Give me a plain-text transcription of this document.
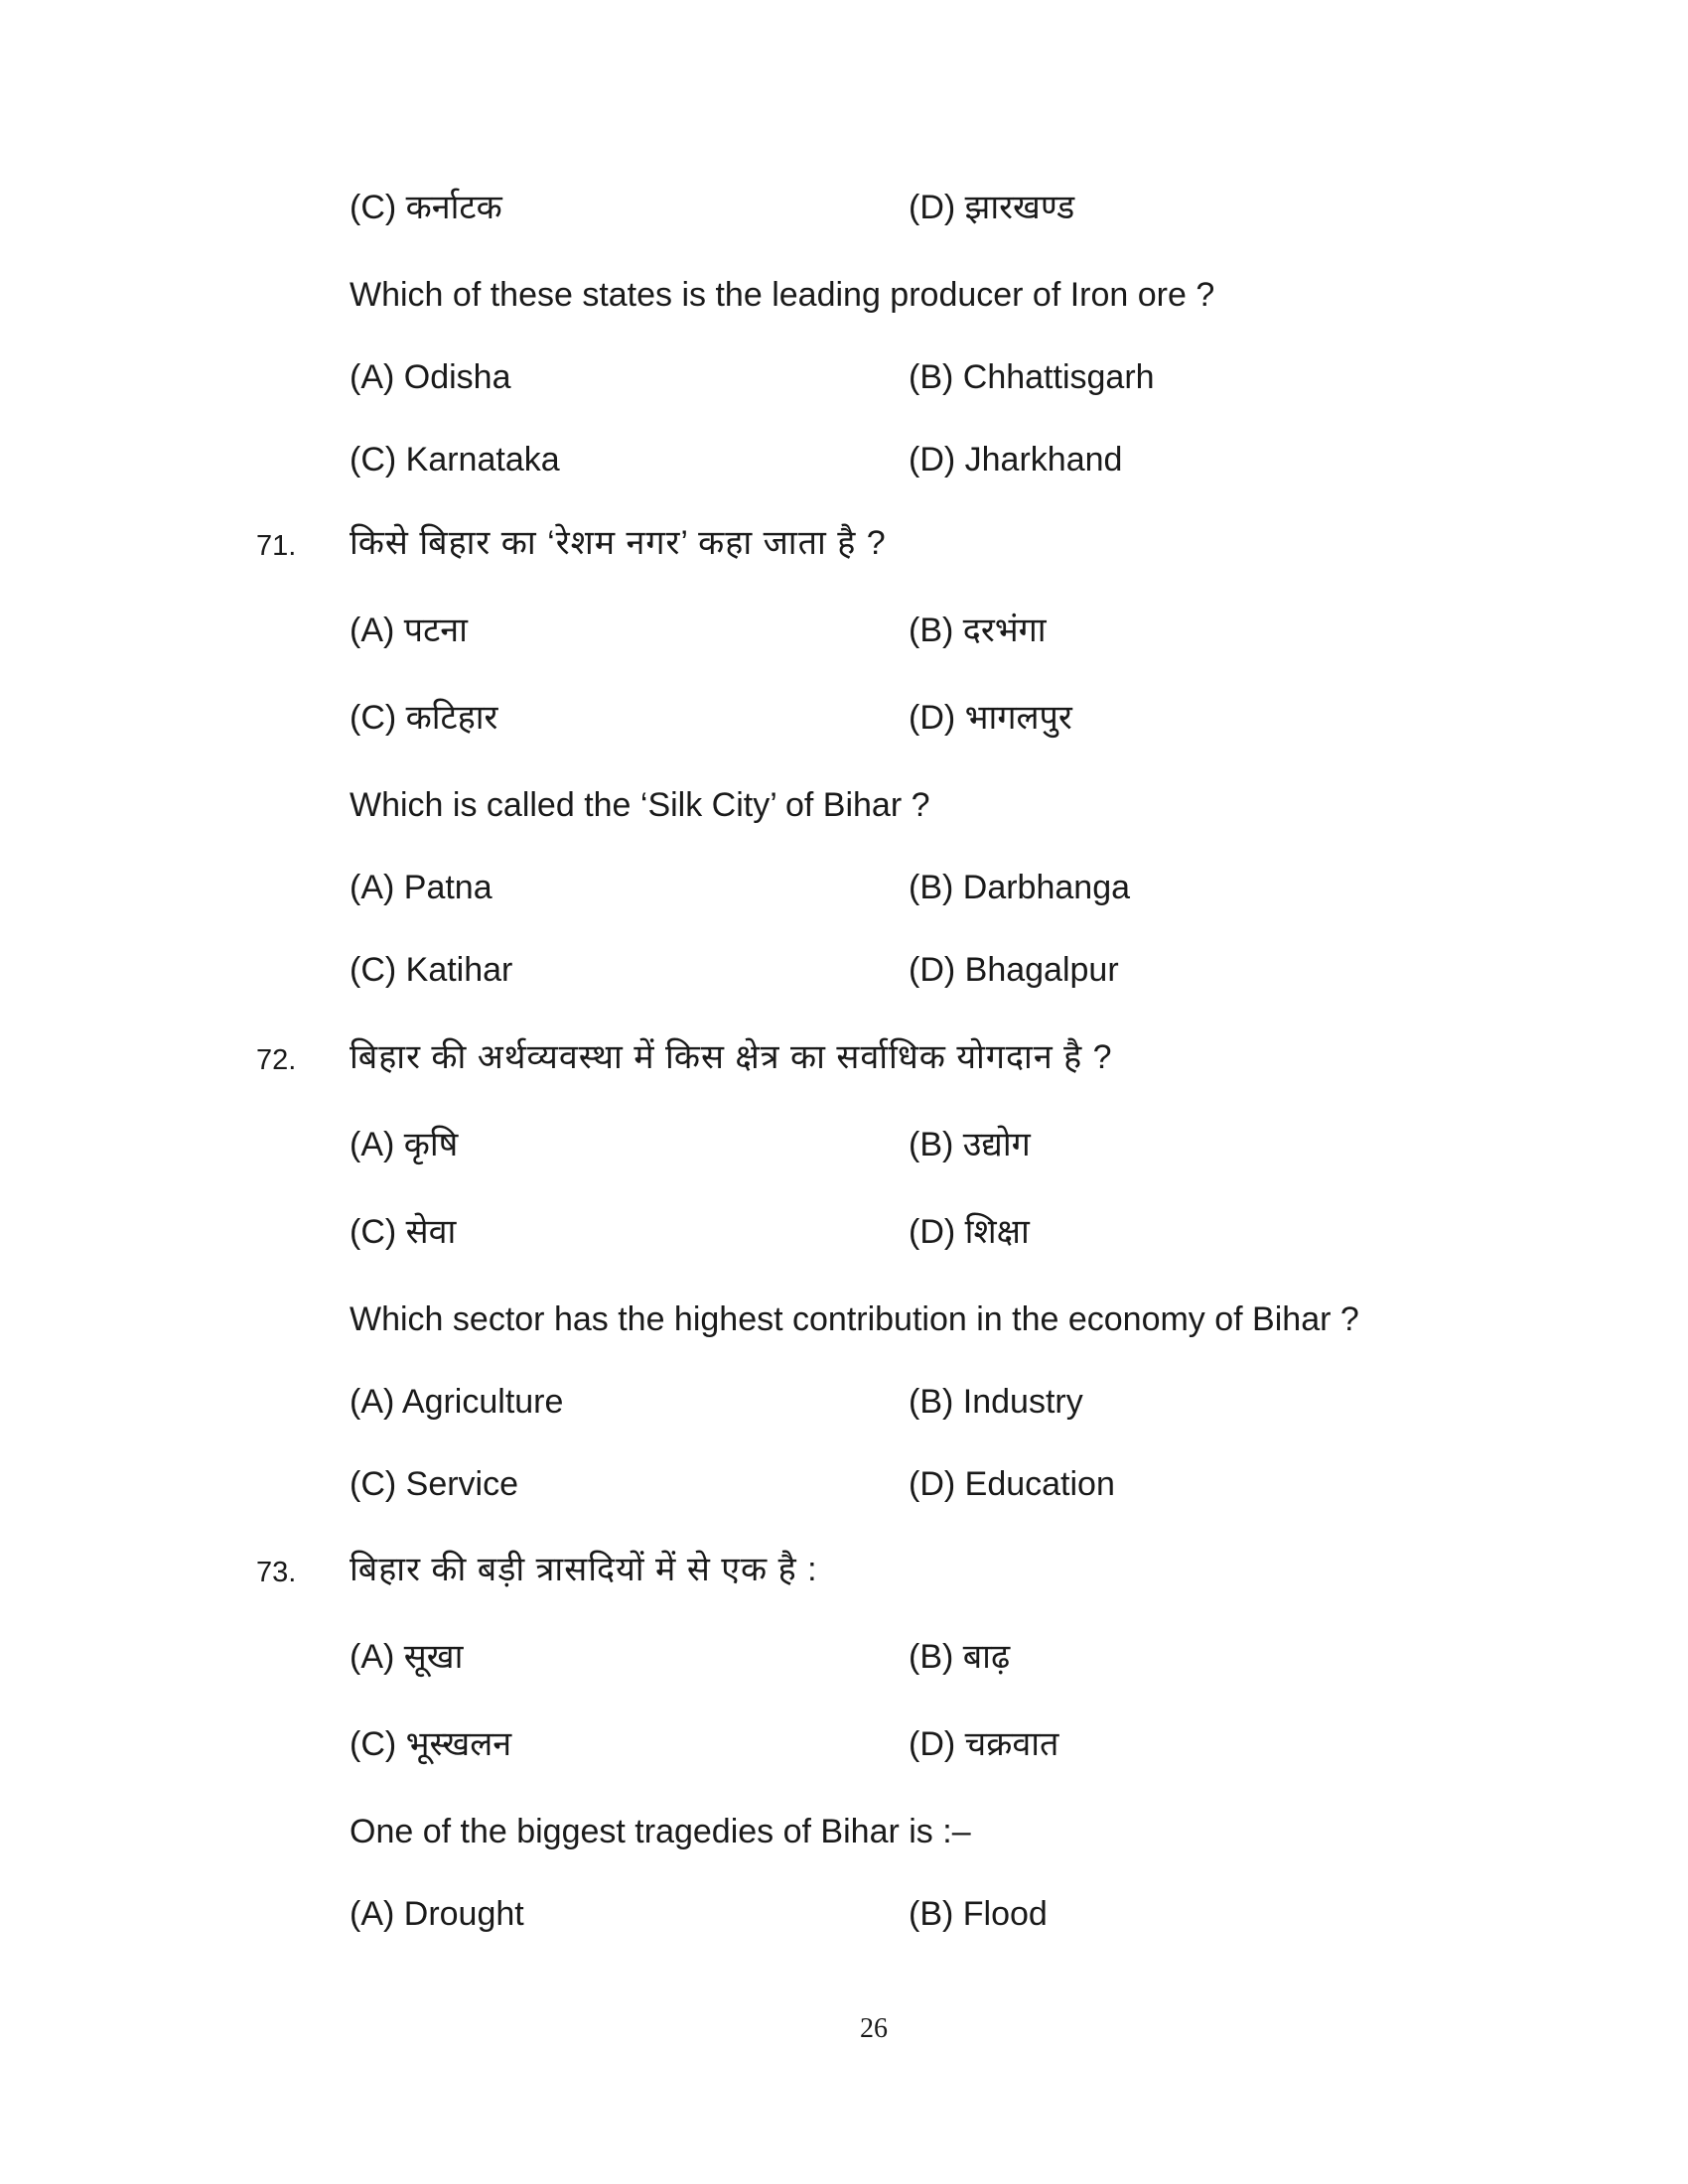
(C) कर्नाटक	(D) झारखण्ड
Which of these states is the leading producer of Iron ore ?
(A) Odisha	(B) Chhattisgarh
(C) Karnataka	(D) Jharkhand
71. किसे बिहार का ‘रेशम नगर’ कहा जाता है ?
(A) पटना	(B) दरभंगा
(C) कटिहार	(D) भागलपुर
Which is called the ‘Silk City’ of Bihar ?
(A) Patna	(B) Darbhanga
(C) Katihar	(D) Bhagalpur
72. बिहार की अर्थव्यवस्था में किस क्षेत्र का सर्वाधिक योगदान है ?
(A) कृषि	(B) उद्योग
(C) सेवा	(D) शिक्षा
Which sector has the highest contribution in the economy of Bihar ?
(A) Agriculture	(B) Industry
(C) Service	(D) Education
73. बिहार की बड़ी त्रासदियों में से एक है :
(A) सूखा	(B) बाढ़
(C) भूस्खलन	(D) चक्रवात
One of the biggest tragedies of Bihar is :–
(A) Drought	(B) Flood
26
